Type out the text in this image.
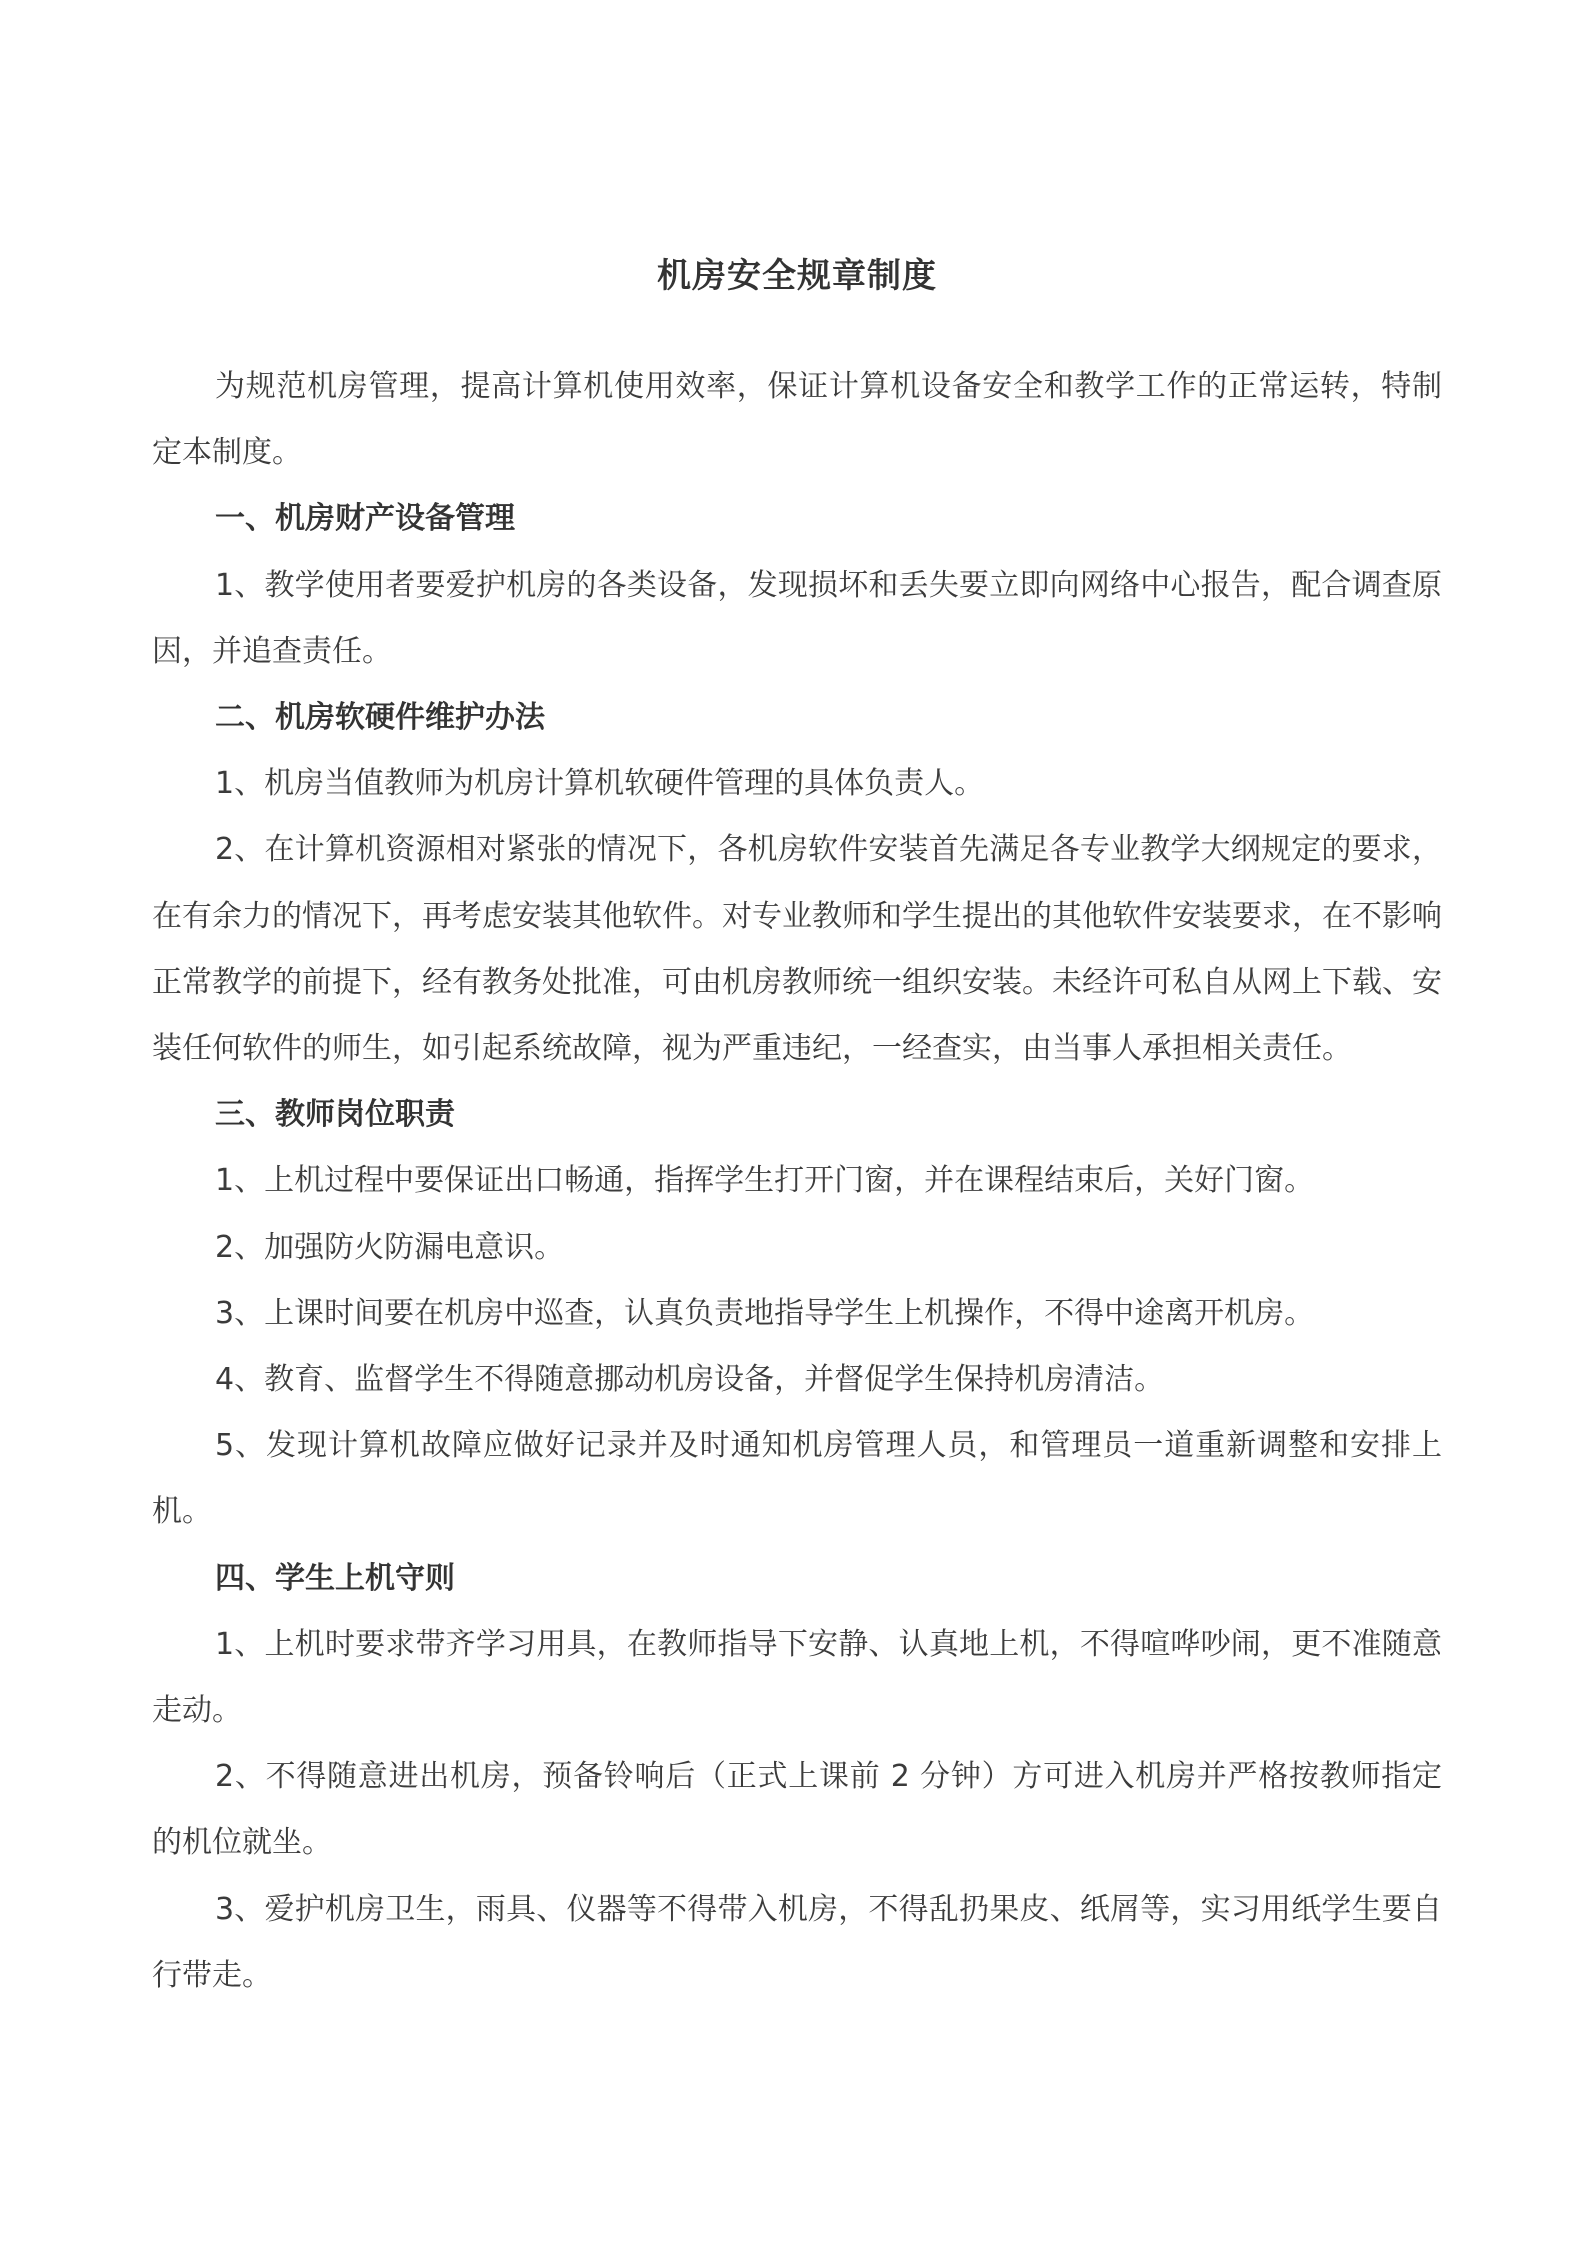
机房安全规章制度

为规范机房管理，提高计算机使用效率，保证计算机设备安全和教学工作的正常运转，特制定本制度。

一、机房财产设备管理

1、教学使用者要爱护机房的各类设备，发现损坏和丢失要立即向网络中心报告，配合调查原因，并追查责任。

二、机房软硬件维护办法

1、机房当值教师为机房计算机软硬件管理的具体负责人。

2、在计算机资源相对紧张的情况下，各机房软件安装首先满足各专业教学大纲规定的要求，在有余力的情况下，再考虑安装其他软件。对专业教师和学生提出的其他软件安装要求，在不影响正常教学的前提下，经有教务处批准，可由机房教师统一组织安装。未经许可私自从网上下载、安装任何软件的师生，如引起系统故障，视为严重违纪，一经查实，由当事人承担相关责任。

三、教师岗位职责

1、上机过程中要保证出口畅通，指挥学生打开门窗，并在课程结束后，关好门窗。

2、加强防火防漏电意识。

3、上课时间要在机房中巡查，认真负责地指导学生上机操作，不得中途离开机房。

4、教育、监督学生不得随意挪动机房设备，并督促学生保持机房清洁。

5、发现计算机故障应做好记录并及时通知机房管理人员，和管理员一道重新调整和安排上机。

四、学生上机守则

1、上机时要求带齐学习用具，在教师指导下安静、认真地上机，不得喧哗吵闹，更不准随意走动。

2、不得随意进出机房，预备铃响后（正式上课前 2 分钟）方可进入机房并严格按教师指定的机位就坐。

3、爱护机房卫生，雨具、仪器等不得带入机房，不得乱扔果皮、纸屑等，实习用纸学生要自行带走。
